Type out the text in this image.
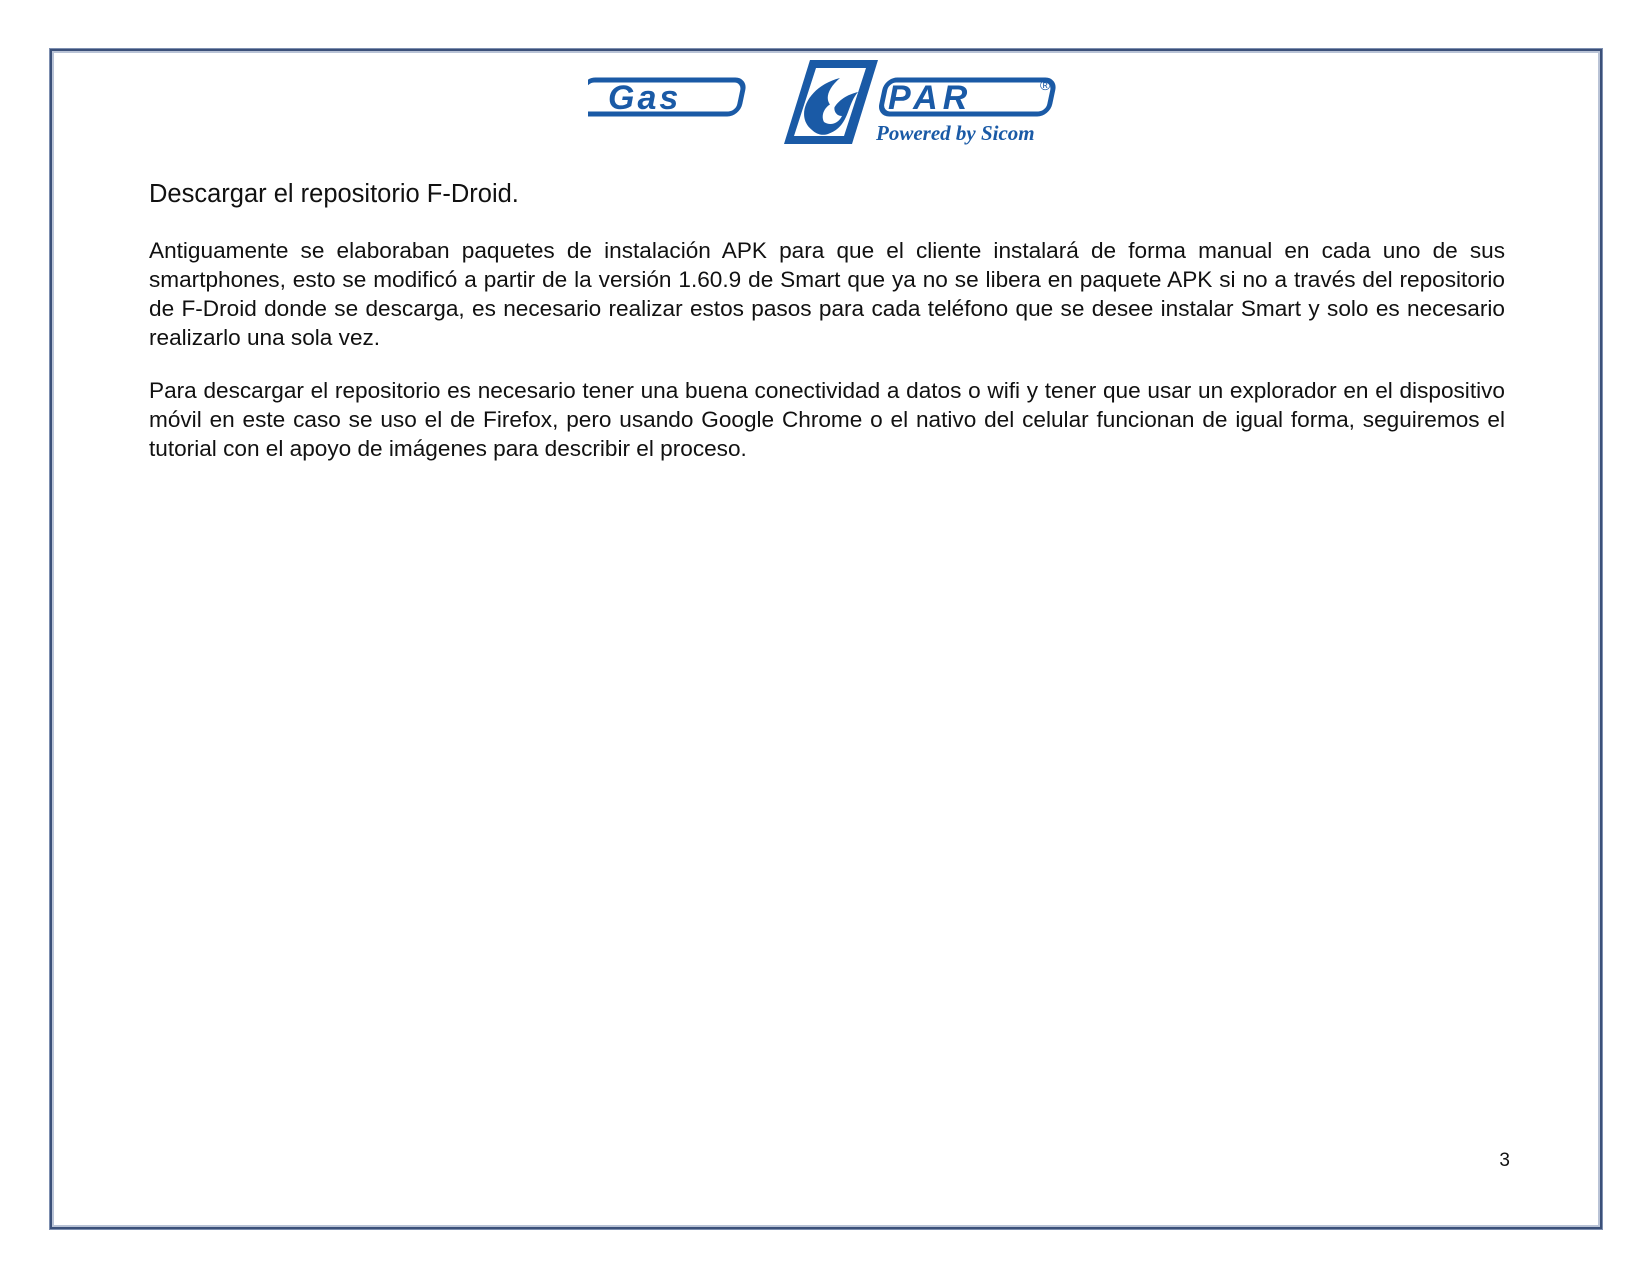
Gas	PAR	®
Powered by Sicom
Descargar el repositorio F-Droid.

Antiguamente se elaboraban paquetes de instalación APK para que el cliente instalará de forma manual en cada uno de sus smartphones, esto se modificó a partir de la versión 1.60.9 de Smart que ya no se libera en paquete APK si no a través del repositorio de F-Droid donde se descarga, es necesario realizar estos pasos para cada teléfono que se desee instalar Smart y solo es necesario realizarlo una sola vez.

Para descargar el repositorio es necesario tener una buena conectividad a datos o wifi y tener que usar un explorador en el dispositivo móvil en este caso se uso el de Firefox, pero usando Google Chrome o el nativo del celular funcionan de igual forma, seguiremos el tutorial con el apoyo de imágenes para describir el proceso.

3
